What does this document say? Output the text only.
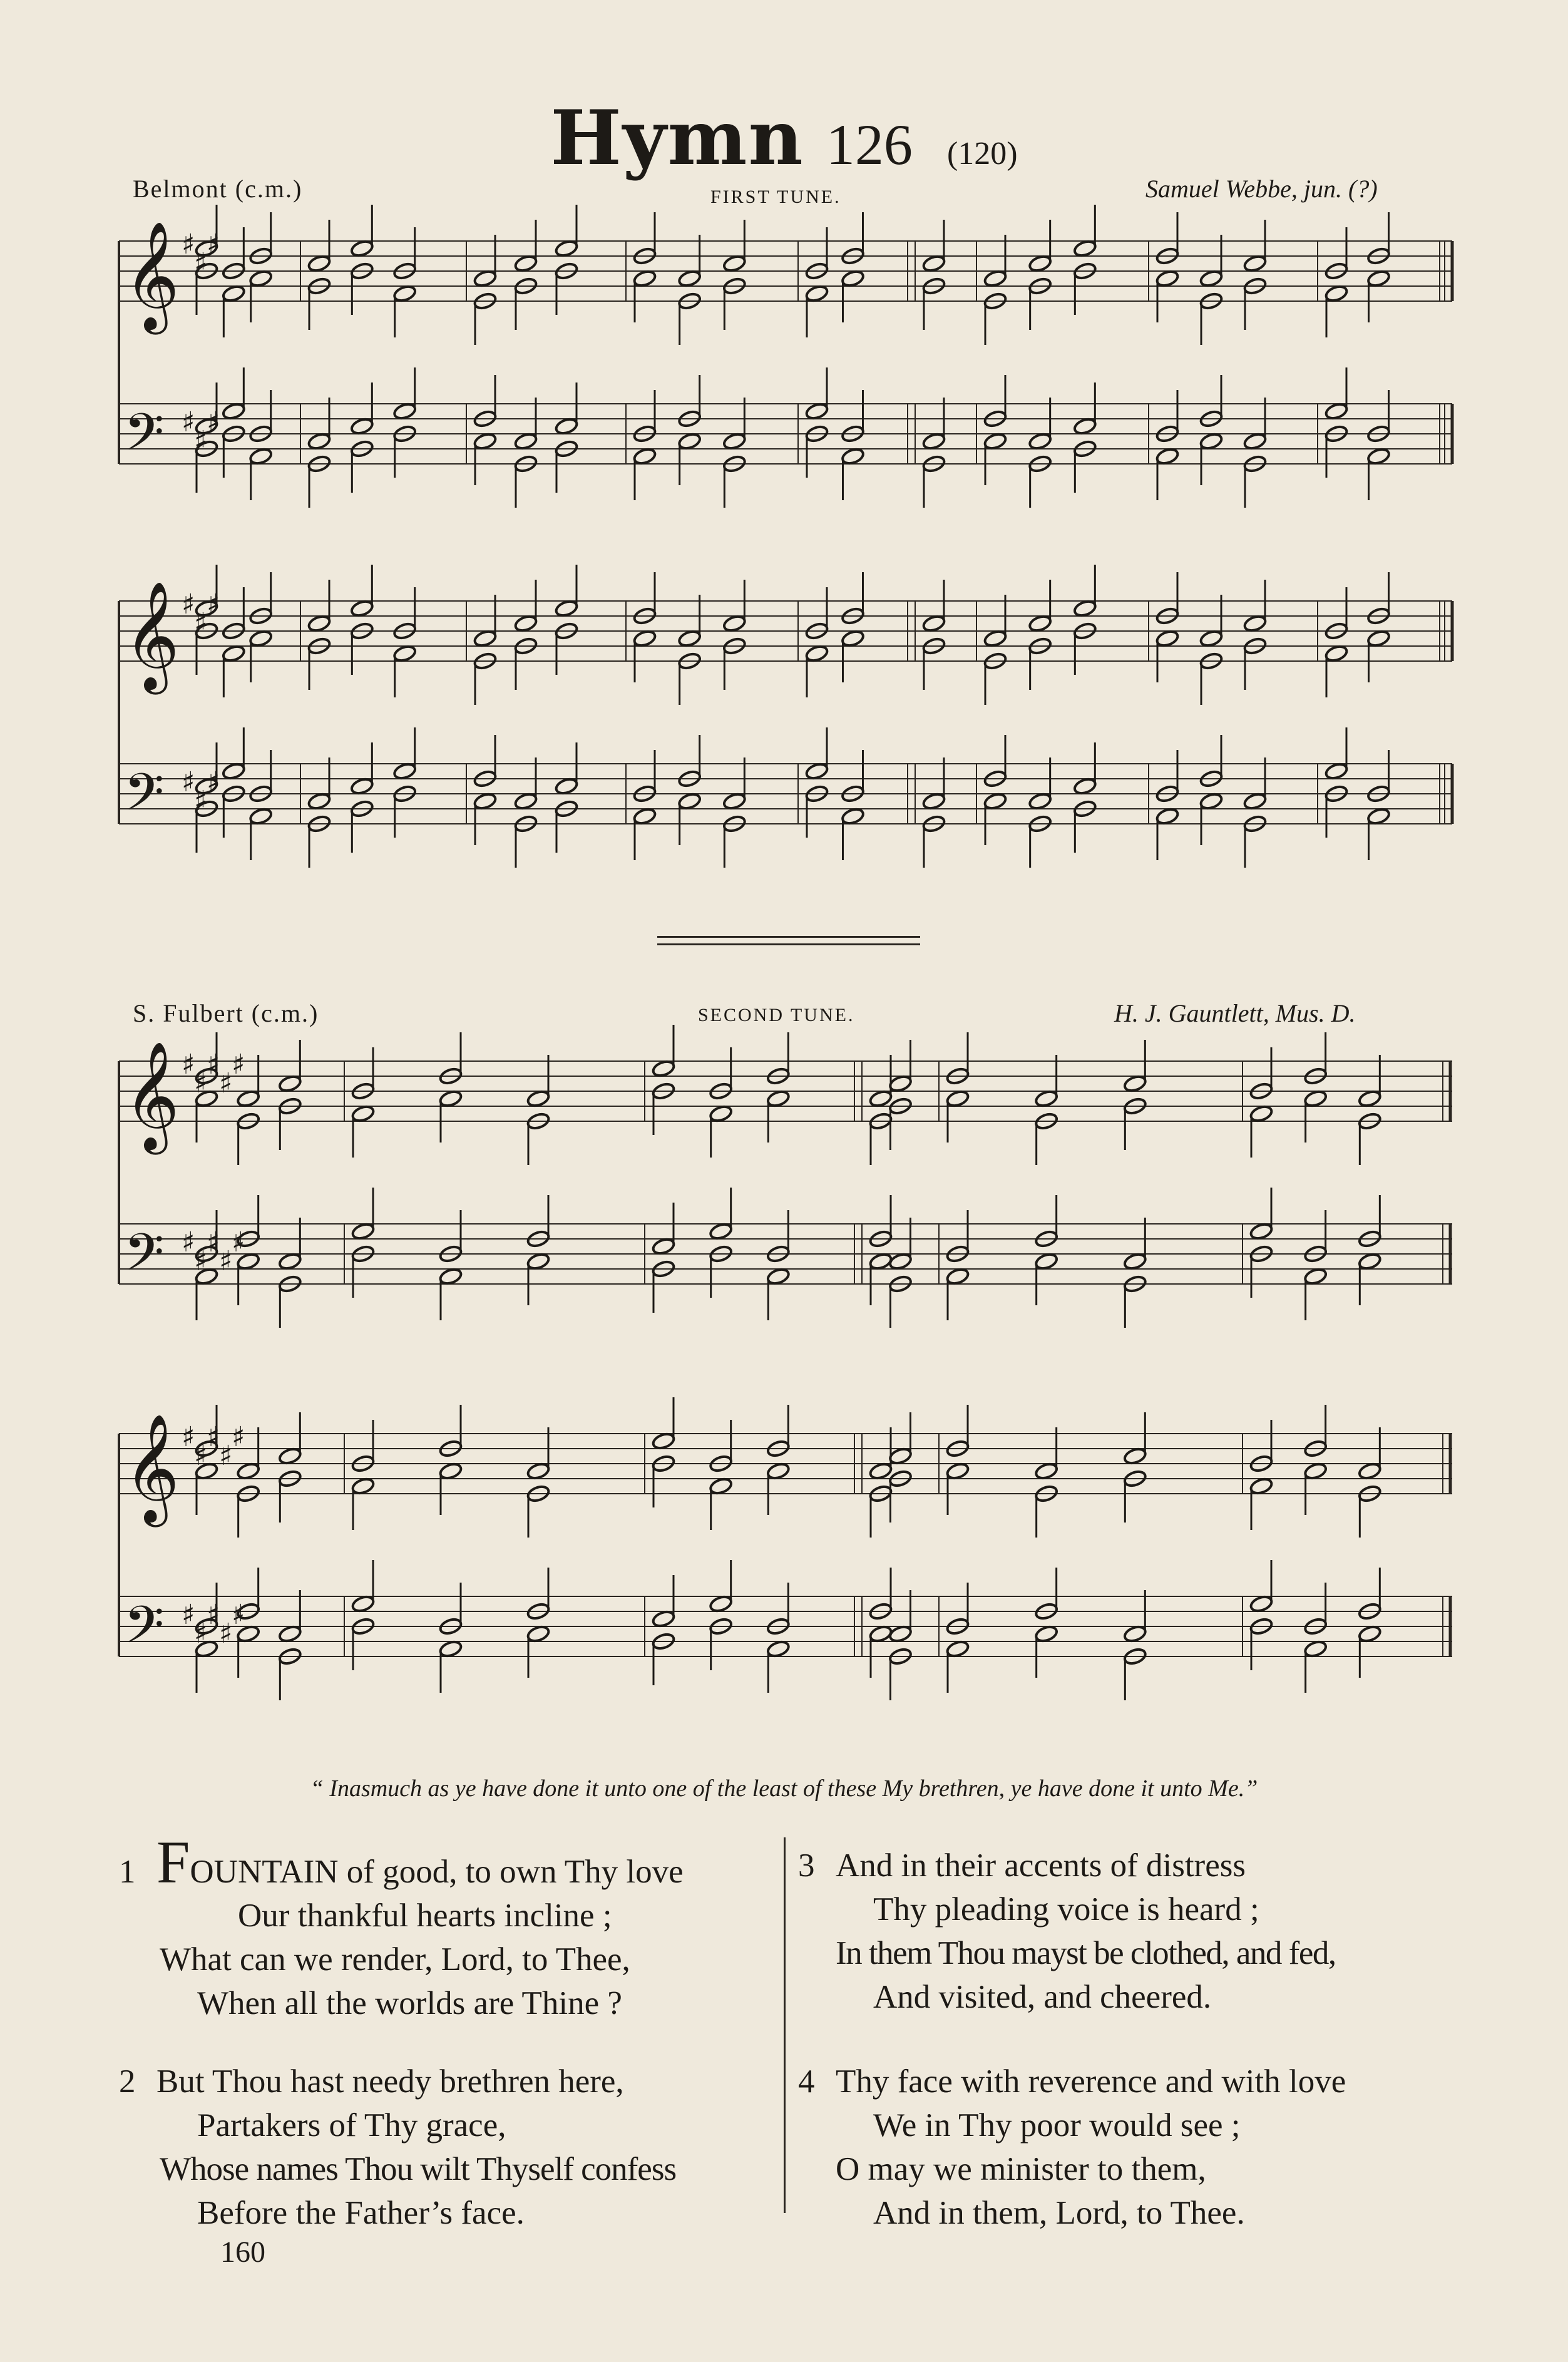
Hymn 126 (120)
Belmont (c.m.)	FIRST TUNE.	Samuel Webbe, jun. (?)
𝄞
𝄢
♯
♯
♯
♯
♯
♯
𝄞
𝄢
♯
♯
♯
♯
♯
♯
S. Fulbert (c.m.)	SECOND TUNE.	H. J. Gauntlett, Mus. D.
𝄞
𝄢
♯
♯
♯
♯
♯
♯
♯
♯
♯
♯
𝄞
𝄢
♯
♯
♯
♯
♯
♯
♯
♯
♯
♯
“ Inasmuch as ye have done it unto one of the least of these My brethren, ye have done it unto Me.”
1 FOUNTAIN of good, to own Thy love
Our thankful hearts incline ;
What can we render, Lord, to Thee,
When all the worlds are Thine ?
2 But Thou hast needy brethren here,
Partakers of Thy grace,
Whose names Thou wilt Thyself confess
Before the Father’s face.
3 And in their accents of distress
Thy pleading voice is heard ;
In them Thou mayst be clothed, and fed,
And visited, and cheered.
4 Thy face with reverence and with love
We in Thy poor would see ;
O may we minister to them,
And in them, Lord, to Thee.
160
